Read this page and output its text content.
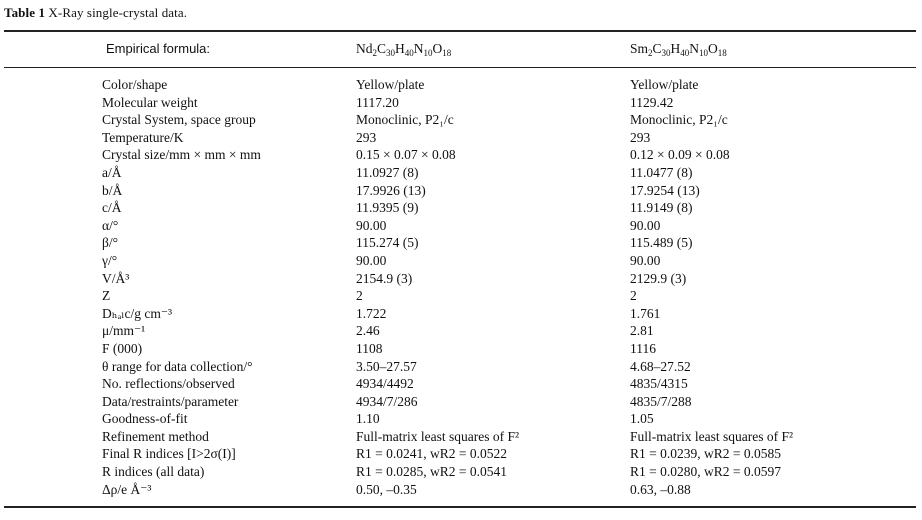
Table 1 X-Ray single-crystal data.
Empirical formula:	$Nd_2C_{30}H_{40}N_{10}O_{18}$	$Sm_2C_{30}H_{40}N_{10}O_{18}$
Color/shape	Yellow/plate	Yellow/plate
Molecular weight	1117.20	1129.42
Crystal System, space group	Monoclinic, P2₁/c	Monoclinic, P2₁/c
Temperature/K	293	293
Crystal size/mm × mm × mm	0.15 × 0.07 × 0.08	0.12 × 0.09 × 0.08
a/Å	11.0927 (8)	11.0477 (8)
b/Å	17.9926 (13)	17.9254 (13)
c/Å	11.9395 (9)	11.9149 (8)
α/°	90.00	90.00
β/°	115.274 (5)	115.489 (5)
γ/°	90.00	90.00
V/Å³	2154.9 (3)	2129.9 (3)
Z	2	2
Dₕₐₗc/g cm⁻³	1.722	1.761
μ/mm⁻¹	2.46	2.81
F (000)	1108	1116
θ range for data collection/°	3.50–27.57	4.68–27.52
No. reflections/observed	4934/4492	4835/4315
Data/restraints/parameter	4934/7/286	4835/7/288
Goodness-of-fit	1.10	1.05
Refinement method	Full-matrix least squares of F²	Full-matrix least squares of F²
Final R indices [I>2σ(I)]	R1 = 0.0241, wR2 = 0.0522	R1 = 0.0239, wR2 = 0.0585
R indices (all data)	R1 = 0.0285, wR2 = 0.0541	R1 = 0.0280, wR2 = 0.0597
Δρ/e Å⁻³	0.50, –0.35	0.63, –0.88
